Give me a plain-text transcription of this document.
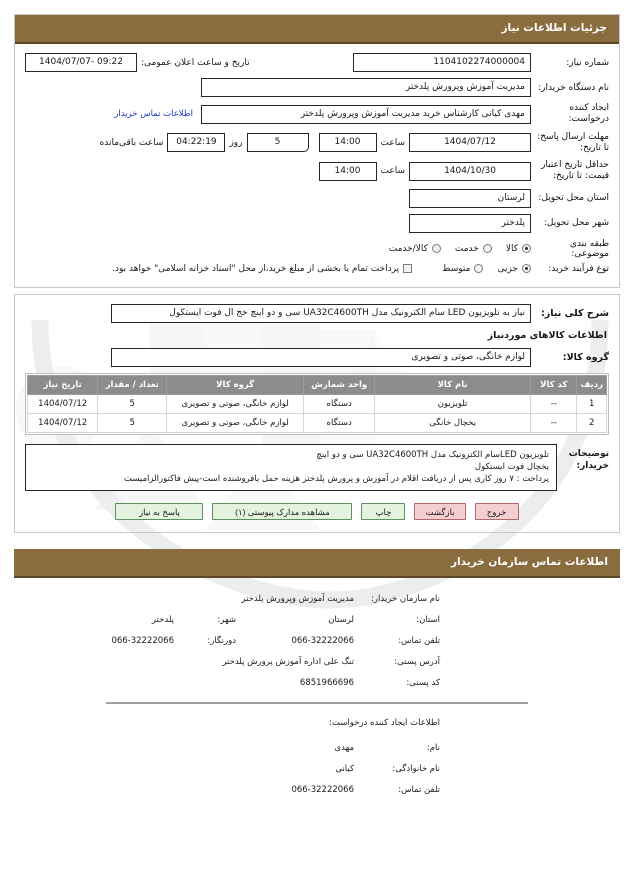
جزئیات اطلاعات نیاز
شماره نیاز:
1104102274000004
تاریخ و ساعت اعلان عمومی:
1404/07/07- 09:22
نام دستگاه خریدار:
مدیریت آموزش وپرورش پلدختر
ایجاد کننده درخواست:
مهدی کیانی کارشناس خرید مدیریت آموزش وپرورش پلدختر
اطلاعات تماس خریدار
مهلت ارسال پاسخ: تا تاریخ:
1404/07/12
ساعت
14:00
5
روز
04:22:19
ساعت باقی‌مانده
حداقل تاریخ اعتبار قیمت: تا تاریخ:
1404/10/30
ساعت
14:00
استان محل تحویل:
لرستان
شهر محل تحویل:
پلدختر
طبقه بندی موضوعی:
کالا
خدمت
کالا/خدمت
توع فرآیند خرید:
جزیی
متوسط
پرداخت تمام یا بخشی از مبلغ خرید،از محل "اسناد خزانه اسلامی" خواهد بود.
شرح کلی نیاز:
نیاز به تلویزیون LED سام الکترونیک مدل UA32C4600TH سی و دو اینچ خج ال فوت ایستکول
اطلاعات کالاهای موردنیاز
گروه کالا:
لوازم خانگی، صوتی و تصویری
ردیف	کد کالا	نام کالا	واحد شمارش	گروه کالا	تعداد / مقدار	تاریخ نیاز
1	--	تلویزیون	دستگاه	لوازم خانگی، صوتی و تصویری	5	1404/07/12
2	--	یخچال خانگی	دستگاه	لوازم خانگی، صوتی و تصویری	5	1404/07/12
توضیحات خریدار:
تلویزیون LEDسام الکترونیک مدل UA32C4600TH سی و دو اینچ
یخچال فوت ایستکول
پرداخت : ۷ روز کاری پس از دریافت اقلام در آموزش و پرورش پلدختر هزینه حمل بافروشنده است-پیش فاکتورالزامیست
خروج
بازگشت
چاپ
مشاهده مدارک پیوستی (۱)
پاسخ به نیاز
اطلاعات تماس سازمان خریدار
نام سازمان خریدار:
مدیریت آموزش وپرورش پلدختر
استان:
لرستان
شهر:
پلدختر
تلفن تماس:
066-32222066
دورنگار:
066-32222066
آدرس پستی:
تنگ علی اداره آموزش پرورش پلدختر
کد پستی:
6851966696
اطلاعات ایجاد کننده درخواست:
نام:
مهدی
نام خانوادگی:
کیانی
تلفن تماس:
066-32222066
